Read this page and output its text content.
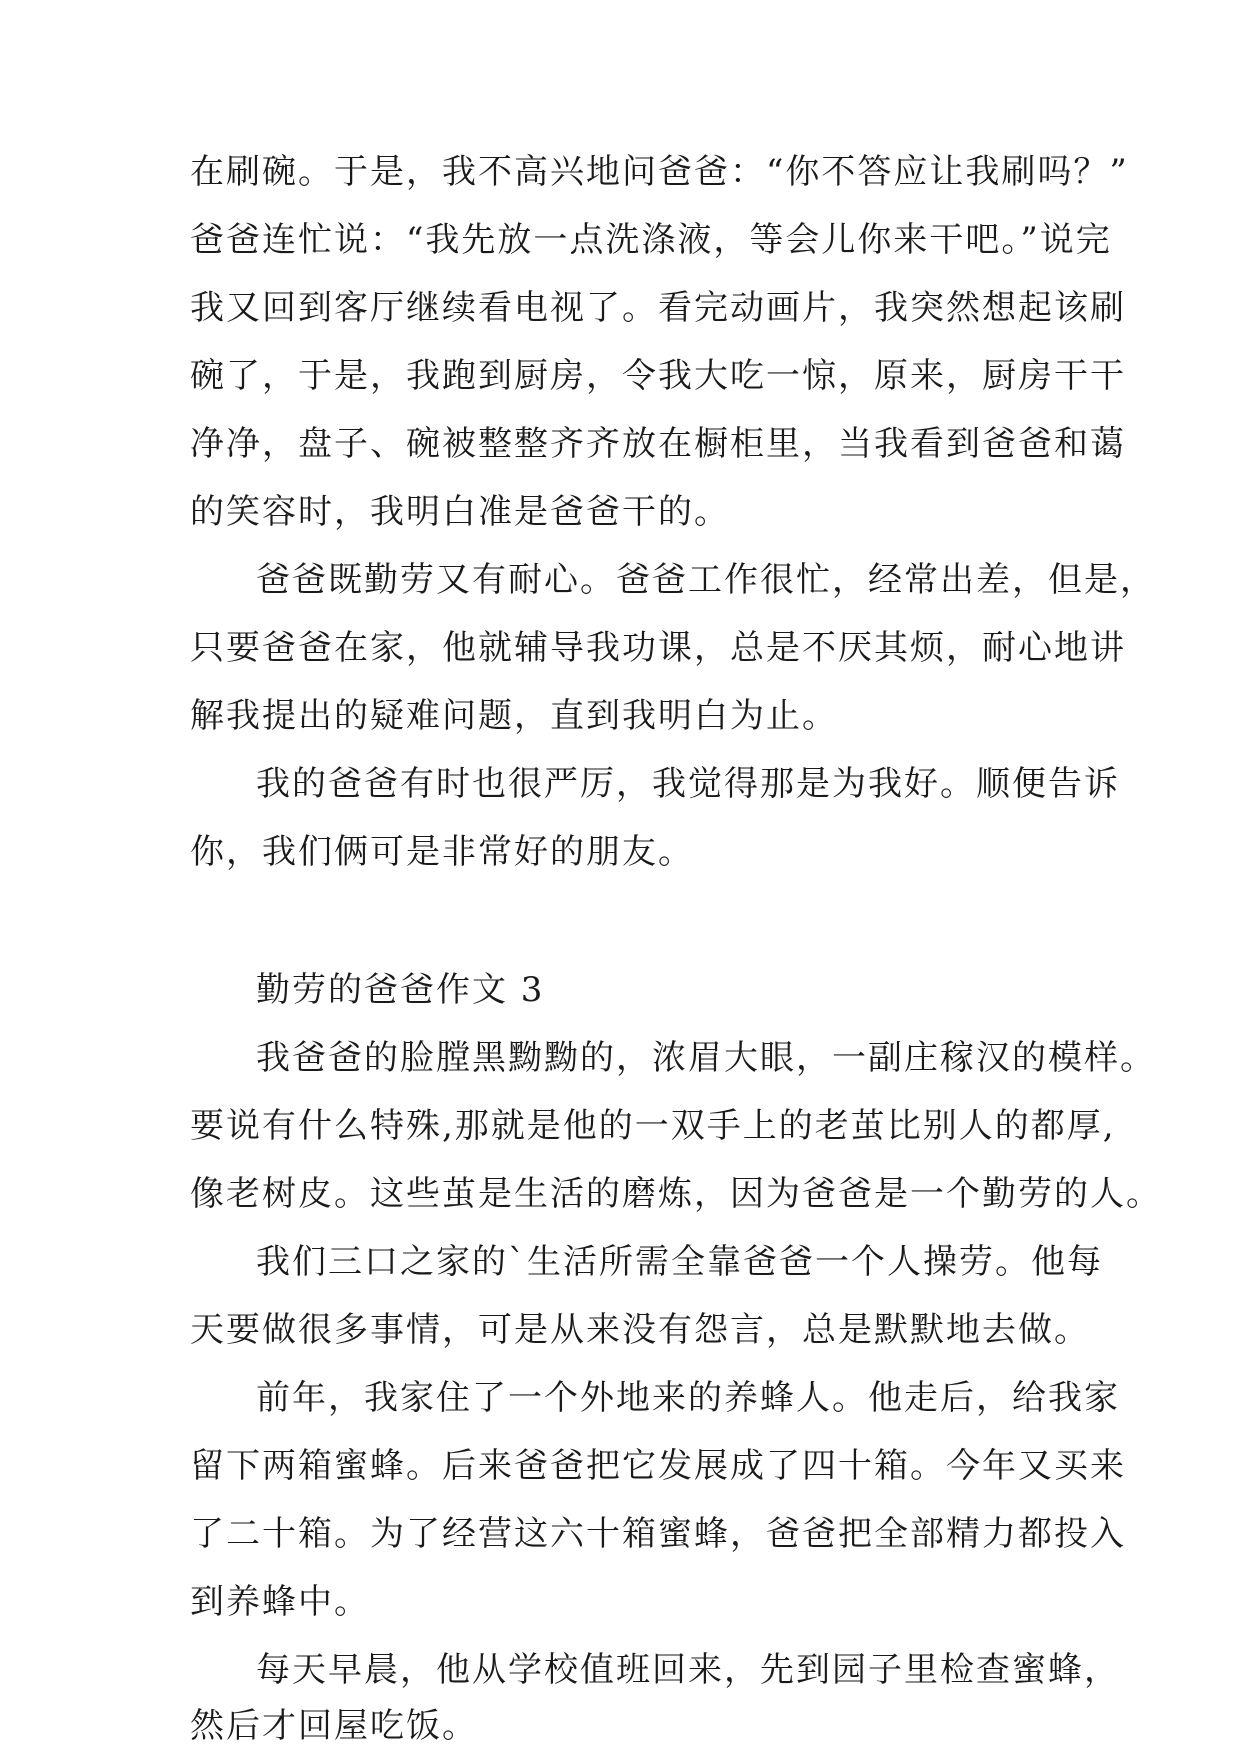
在刷碗。于是，我不高兴地问爸爸：“你不答应让我刷吗？”
爸爸连忙说：“我先放一点洗涤液，等会儿你来干吧。”说完
我又回到客厅继续看电视了。看完动画片，我突然想起该刷
碗了，于是，我跑到厨房，令我大吃一惊，原来，厨房干干
净净，盘子、碗被整整齐齐放在橱柜里，当我看到爸爸和蔼
的笑容时，我明白准是爸爸干的。
爸爸既勤劳又有耐心。爸爸工作很忙，经常出差，但是，
只要爸爸在家，他就辅导我功课，总是不厌其烦，耐心地讲
解我提出的疑难问题，直到我明白为止。
我的爸爸有时也很严厉，我觉得那是为我好。顺便告诉
你，我们俩可是非常好的朋友。
勤劳的爸爸作文 3
我爸爸的脸膛黑黝黝的，浓眉大眼，一副庄稼汉的模样。
要说有什么特殊,那就是他的一双手上的老茧比别人的都厚,
像老树皮。这些茧是生活的磨炼，因为爸爸是一个勤劳的人。
我们三口之家的`生活所需全靠爸爸一个人操劳。他每
天要做很多事情，可是从来没有怨言，总是默默地去做。
前年，我家住了一个外地来的养蜂人。他走后，给我家
留下两箱蜜蜂。后来爸爸把它发展成了四十箱。今年又买来
了二十箱。为了经营这六十箱蜜蜂，爸爸把全部精力都投入
到养蜂中。
每天早晨，他从学校值班回来，先到园子里检查蜜蜂，
然后才回屋吃饭。
